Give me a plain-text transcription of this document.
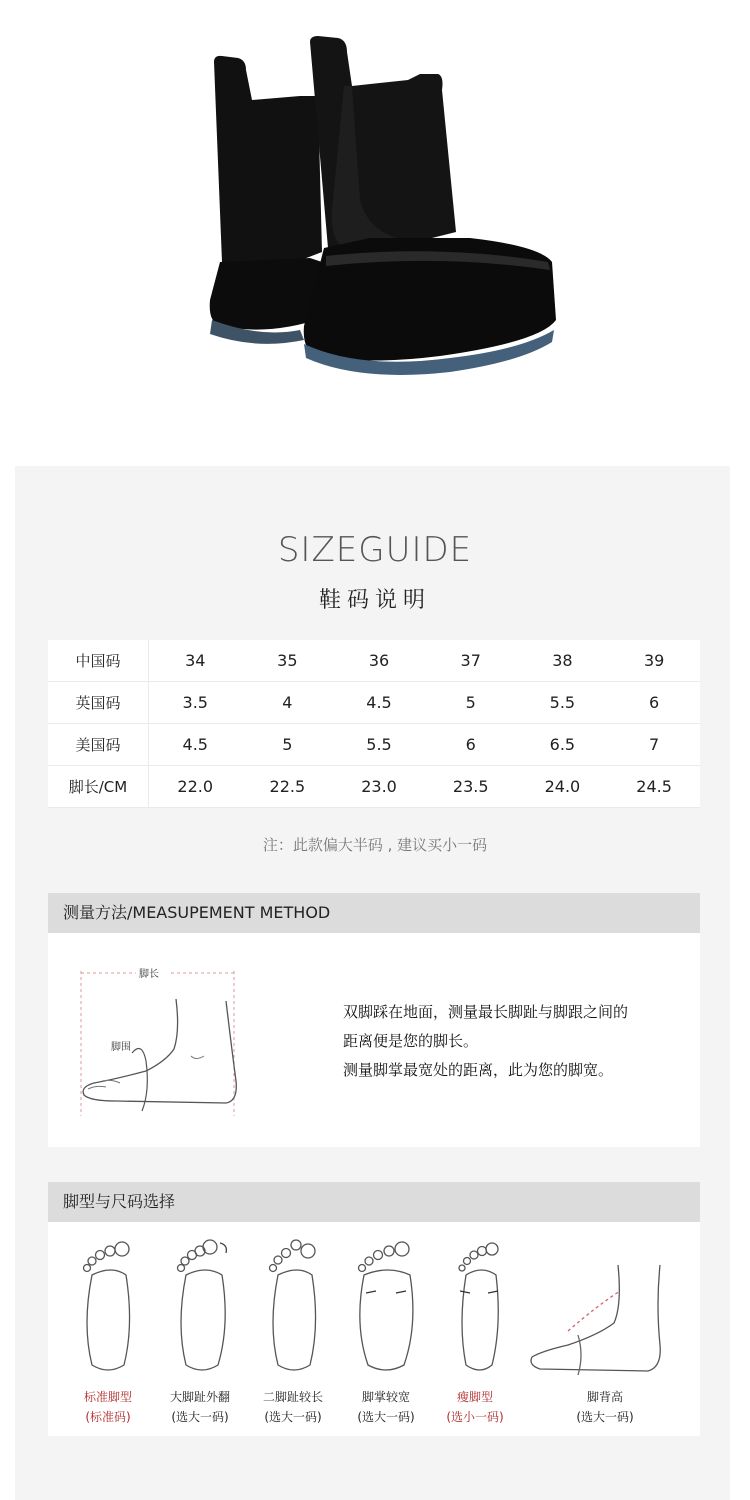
SIZEGUIDE
鞋码说明
中国码	34	35	36	37	38	39
英国码	3.5	4	4.5	5	5.5	6
美国码	4.5	5	5.5	6	6.5	7
脚长/CM	22.0	22.5	23.0	23.5	24.0	24.5
注：此款偏大半码 , 建议买小一码
测量方法/MEASUPEMENT METHOD
脚长
脚围
双脚踩在地面，测量最长脚趾与脚跟之间的
距离便是您的脚长。
测量脚掌最宽处的距离，此为您的脚宽。
脚型与尺码选择
标准脚型
(标准码)
大脚趾外翻
(选大一码)
二脚趾较长
(选大一码)
脚掌较宽
(选大一码)
瘦脚型
(选小一码)
脚背高
(选大一码)
